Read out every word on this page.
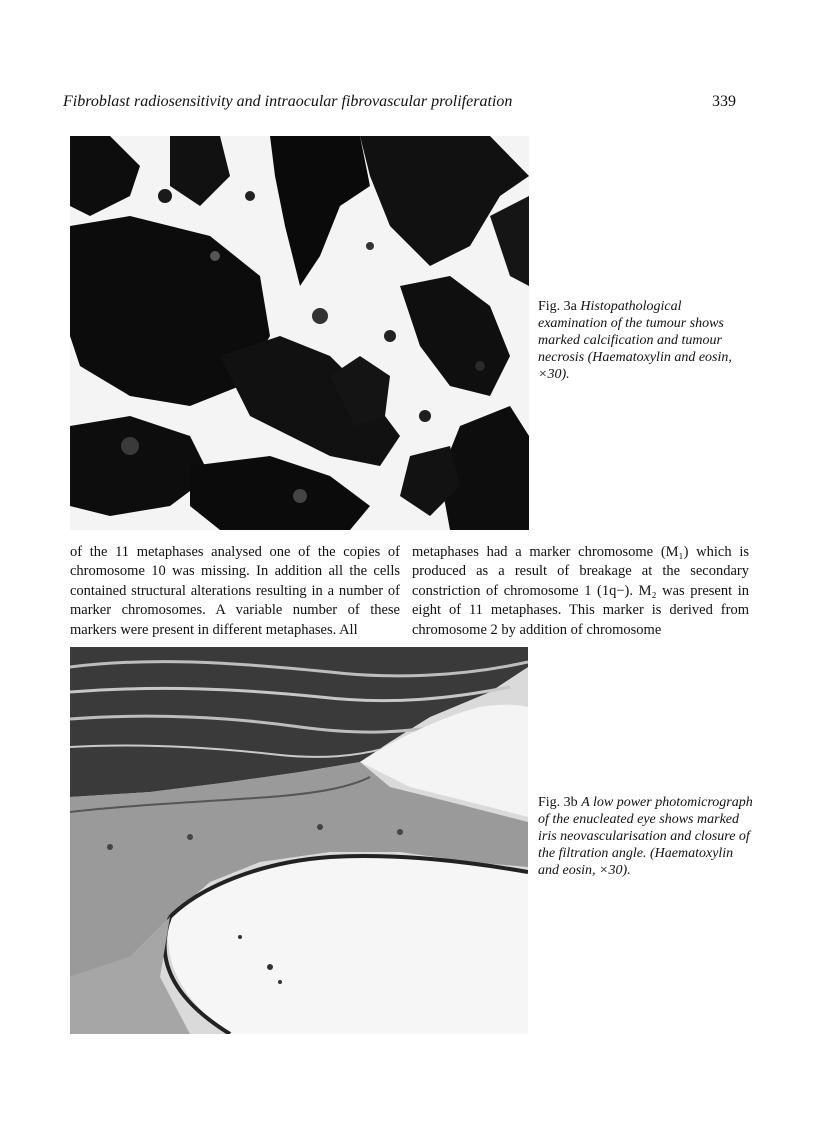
Fibroblast radiosensitivity and intraocular fibrovascular proliferation	339
Fig. 3a Histopathological examination of the tumour shows marked calcification and tumour necrosis (Haematoxylin and eosin, ×30).
of the 11 metaphases analysed one of the copies of chromosome 10 was missing. In addition all the cells contained structural alterations resulting in a number of marker chromosomes. A variable number of these markers were present in different metaphases. All
metaphases had a marker chromosome (M₁) which is produced as a result of breakage at the secondary constriction of chromosome 1 (1q−). M₂ was present in eight of 11 metaphases. This marker is derived from chromosome 2 by addition of chromosome
Fig. 3b A low power photomicrograph of the enucleated eye shows marked iris neovascularisation and closure of the filtration angle. (Haematoxylin and eosin, ×30).
